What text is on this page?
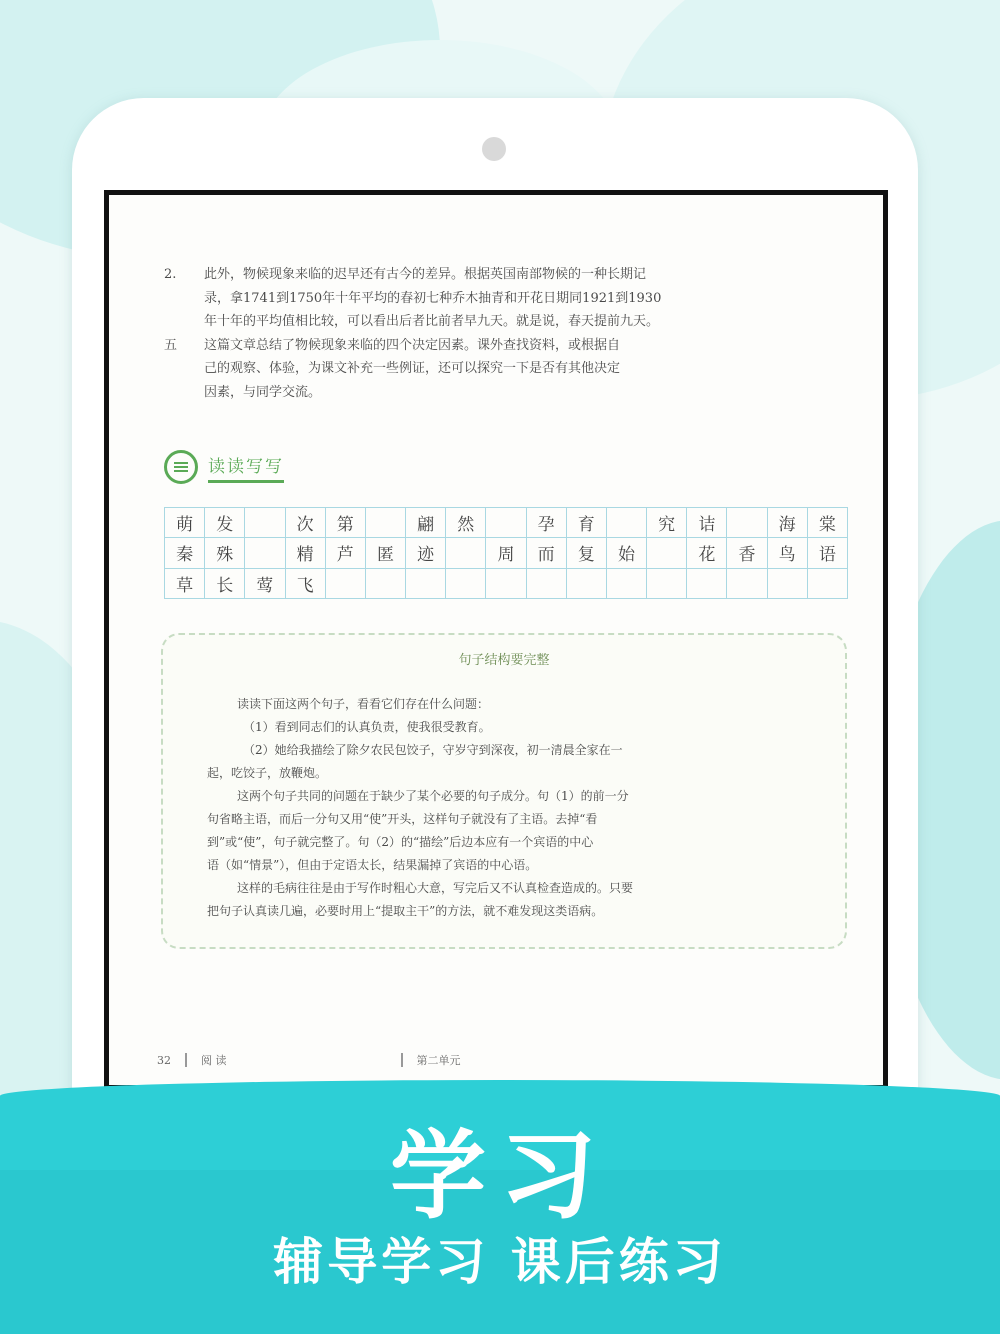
2.	此外，物候现象来临的迟早还有古今的差异。根据英国南部物候的一种长期记
录，拿1741到1750年十年平均的春初七种乔木抽青和开花日期同1921到1930
年十年的平均值相比较，可以看出后者比前者早九天。就是说，春天提前九天。
五	这篇文章总结了物候现象来临的四个决定因素。课外查找资料，或根据自
己的观察、体验，为课文补充一些例证，还可以探究一下是否有其他决定
因素，与同学交流。
读读写写
萌	发		次	第		翩	然		孕	育		究	诘		海	棠
秦	殊		精	芦	匿	迹		周	而	复	始		花	香	鸟	语
草	长	莺	飞													
句子结构要完整

读读下面这两个句子，看看它们存在什么问题：

（1）看到同志们的认真负责，使我很受教育。

（2）她给我描绘了除夕农民包饺子，守岁守到深夜，初一清晨全家在一

起，吃饺子，放鞭炮。

这两个句子共同的问题在于缺少了某个必要的句子成分。句（1）的前一分

句省略主语，而后一分句又用“使”开头，这样句子就没有了主语。去掉“看

到”或“使”，句子就完整了。句（2）的“描绘”后边本应有一个宾语的中心

语（如“情景”），但由于定语太长，结果漏掉了宾语的中心语。

这样的毛病往往是由于写作时粗心大意，写完后又不认真检查造成的。只要

把句子认真读几遍，必要时用上“提取主干”的方法，就不难发现这类语病。

32	阅 读	第二单元
学习
辅导学习 课后练习
